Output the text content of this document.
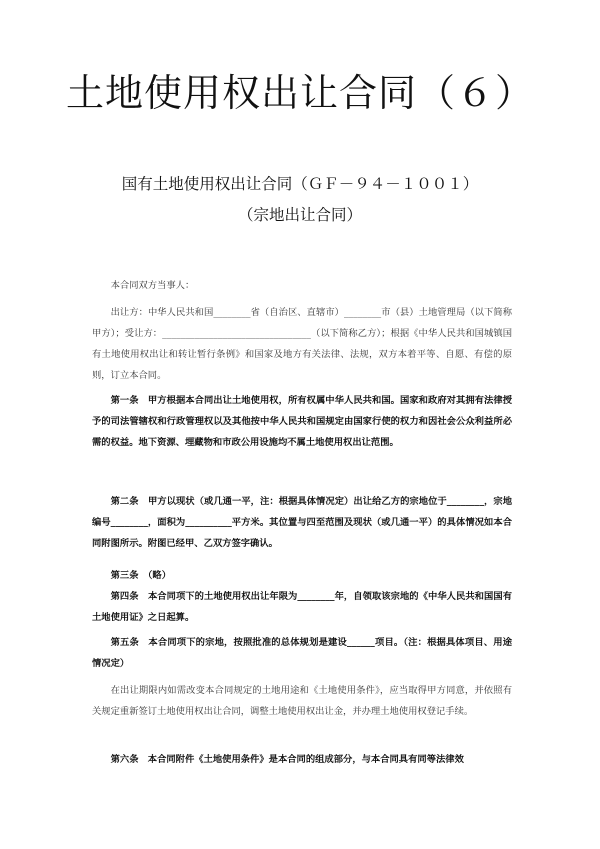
土地使用权出让合同（６）
国有土地使用权出让合同（ＧＦ－９４－１００１）
（宗地出让合同）

本合同双方当事人：

出让方：中华人民共和国________省（自治区、直辖市）________市（县）土地管理局（以下简称甲方）；受让方：________________________________（以下简称乙方）；根据《中华人民共和国城镇国有土地使用权出让和转让暂行条例》和国家及地方有关法律、法规，双方本着平等、自愿、有偿的原则，订立本合同。

第一条　甲方根据本合同出让土地使用权，所有权属中华人民共和国。国家和政府对其拥有法律授予的司法管辖权和行政管理权以及其他按中华人民共和国规定由国家行使的权力和因社会公众利益所必需的权益。地下资源、埋藏物和市政公用设施均不属土地使用权出让范围。

第二条　甲方以现状（或几通一平，注：根据具体情况定）出让给乙方的宗地位于________，宗地编号________，面积为__________平方米。其位置与四至范围及现状（或几通一平）的具体情况如本合同附图所示。附图已经甲、乙双方签字确认。

第三条　（略）

第四条　本合同项下的土地使用权出让年限为________年，自领取该宗地的《中华人民共和国国有土地使用证》之日起算。

第五条　本合同项下的宗地，按照批准的总体规划是建设______项目。（注：根据具体项目、用途情况定）

在出让期限内如需改变本合同规定的土地用途和《土地使用条件》，应当取得甲方同意，并依照有关规定重新签订土地使用权出让合同，调整土地使用权出让金，并办理土地使用权登记手续。

第六条　本合同附件《土地使用条件》是本合同的组成部分，与本合同具有同等法律效
